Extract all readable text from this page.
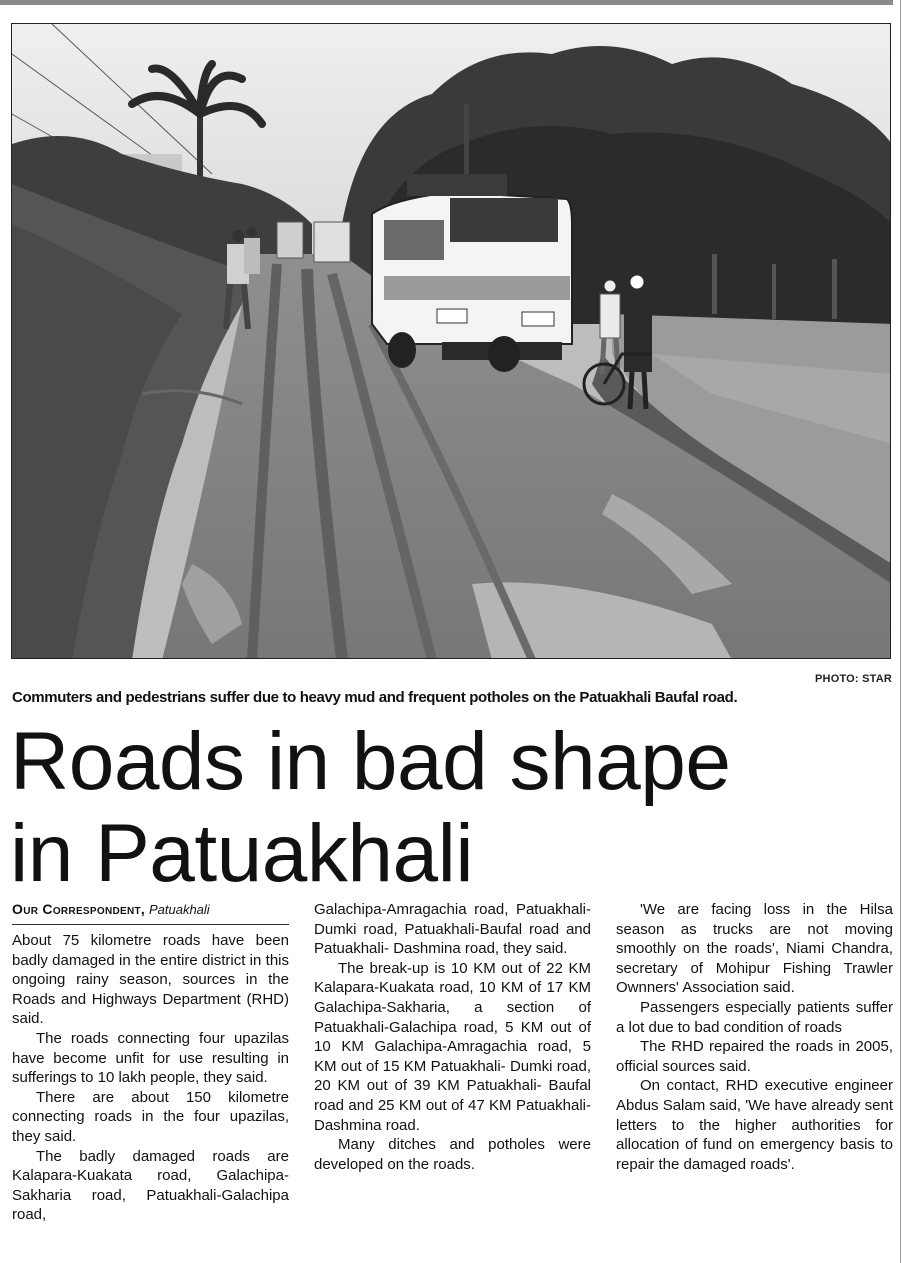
PHOTO: STAR
Commuters and pedestrians suffer due to heavy mud and frequent potholes on the Patuakhali Baufal road.
Roads in bad shape
in Patuakhali
Our Correspondent, Patuakhali

About 75 kilometre roads have been badly damaged in the entire district in this ongoing rainy season, sources in the Roads and Highways Department (RHD) said.

The roads connecting four upazilas have become unfit for use resulting in sufferings to 10 lakh people, they said.

There are about 150 kilometre connecting roads in the four upazilas, they said.

The badly damaged roads are Kalapara-Kuakata road, Galachipa-Sakharia road, Patuakhali-Galachipa road,

Galachipa-Amragachia road, Patuakhali- Dumki road, Patuakhali-Baufal road and Patuakhali- Dashmina road, they said.

The break-up is 10 KM out of 22 KM Kalapara-Kuakata road, 10 KM of 17 KM Galachipa-Sakharia, a section of Patuakhali-Galachipa road, 5 KM out of 10 KM Galachipa-Amragachia road, 5 KM out of 15 KM Patuakhali- Dumki road, 20 KM out of 39 KM Patuakhali- Baufal road and 25 KM out of 47 KM Patuakhali- Dashmina road.

Many ditches and potholes were developed on the roads.

'We are facing loss in the Hilsa season as trucks are not moving smoothly on the roads', Niami Chandra, secretary of Mohipur Fishing Trawler Ownners' Association said.

Passengers especially patients suffer a lot due to bad condition of roads

The RHD repaired the roads in 2005, official sources said.

On contact, RHD executive engineer Abdus Salam said, 'We have already sent letters to the higher authorities for allocation of fund on emergency basis to repair the damaged roads'.
